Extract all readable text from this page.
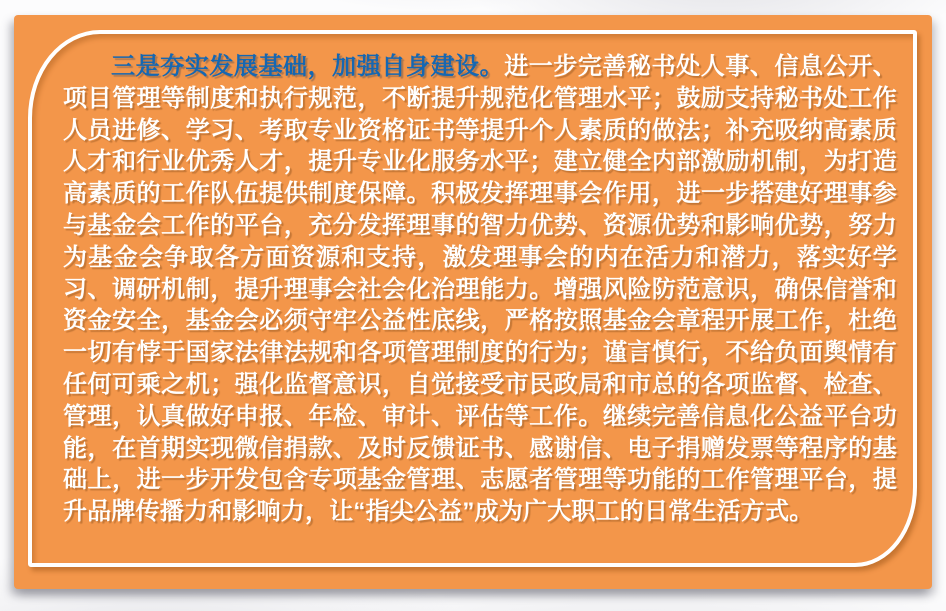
三是夯实发展基础，加强自身建设。进一步完善秘书处人事、信息公开、项目管理等制度和执行规范，不断提升规范化管理水平；鼓励支持秘书处工作人员进修、学习、考取专业资格证书等提升个人素质的做法；补充吸纳高素质人才和行业优秀人才，提升专业化服务水平；建立健全内部激励机制，为打造高素质的工作队伍提供制度保障。积极发挥理事会作用，进一步搭建好理事参与基金会工作的平台，充分发挥理事的智力优势、资源优势和影响优势，努力为基金会争取各方面资源和支持，激发理事会的内在活力和潜力，落实好学习、调研机制，提升理事会社会化治理能力。增强风险防范意识，确保信誉和资金安全，基金会必须守牢公益性底线，严格按照基金会章程开展工作，杜绝一切有悖于国家法律法规和各项管理制度的行为；谨言慎行，不给负面舆情有任何可乘之机；强化监督意识，自觉接受市民政局和市总的各项监督、检查、管理，认真做好申报、年检、审计、评估等工作。继续完善信息化公益平台功能，在首期实现微信捐款、及时反馈证书、感谢信、电子捐赠发票等程序的基础上，进一步开发包含专项基金管理、志愿者管理等功能的工作管理平台，提升品牌传播力和影响力，让“指尖公益”成为广大职工的日常生活方式。
